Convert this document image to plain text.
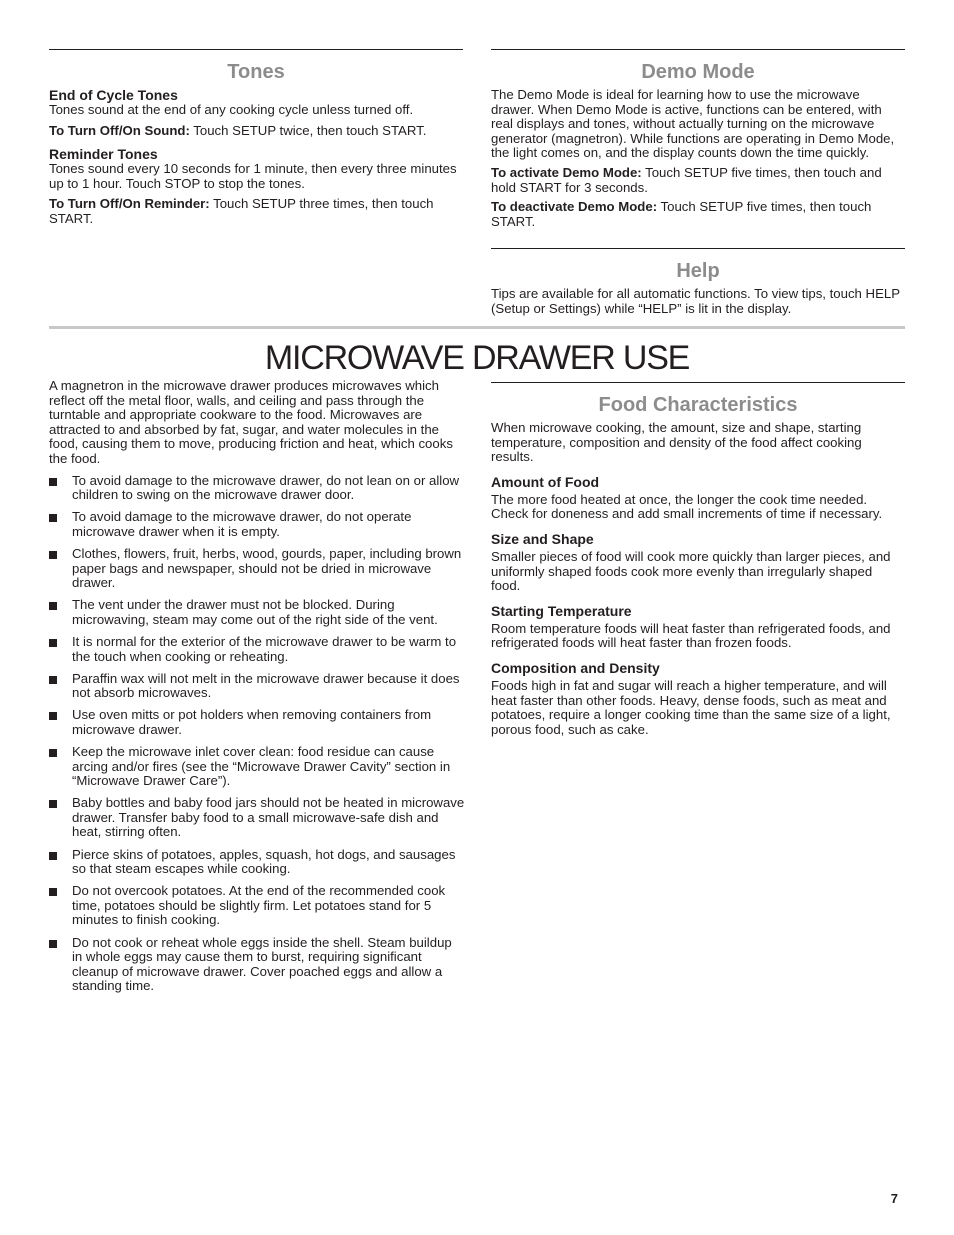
Tones
End of Cycle Tones

Tones sound at the end of any cooking cycle unless turned off.

To Turn Off/On Sound: Touch SETUP twice, then touch START.

Reminder Tones

Tones sound every 10 seconds for 1 minute, then every three minutes up to 1 hour. Touch STOP to stop the tones.

To Turn Off/On Reminder: Touch SETUP three times, then touch START.

Demo Mode

The Demo Mode is ideal for learning how to use the microwave drawer. When Demo Mode is active, functions can be entered, with real displays and tones, without actually turning on the microwave generator (magnetron). While functions are operating in Demo Mode, the light comes on, and the display counts down the time quickly.

To activate Demo Mode: Touch SETUP five times, then touch and hold START for 3 seconds.

To deactivate Demo Mode: Touch SETUP five times, then touch START.

Help

Tips are available for all automatic functions. To view tips, touch HELP (Setup or Settings) while “HELP” is lit in the display.

MICROWAVE DRAWER USE

A magnetron in the microwave drawer produces microwaves which reflect off the metal floor, walls, and ceiling and pass through the turntable and appropriate cookware to the food. Microwaves are attracted to and absorbed by fat, sugar, and water molecules in the food, causing them to move, producing friction and heat, which cooks the food.

To avoid damage to the microwave drawer, do not lean on or allow children to swing on the microwave drawer door.
To avoid damage to the microwave drawer, do not operate microwave drawer when it is empty.
Clothes, flowers, fruit, herbs, wood, gourds, paper, including brown paper bags and newspaper, should not be dried in microwave drawer.
The vent under the drawer must not be blocked. During microwaving, steam may come out of the right side of the vent.
It is normal for the exterior of the microwave drawer to be warm to the touch when cooking or reheating.
Paraffin wax will not melt in the microwave drawer because it does not absorb microwaves.
Use oven mitts or pot holders when removing containers from microwave drawer.
Keep the microwave inlet cover clean: food residue can cause arcing and/or fires (see the “Microwave Drawer Cavity” section in “Microwave Drawer Care”).
Baby bottles and baby food jars should not be heated in microwave drawer. Transfer baby food to a small microwave-safe dish and heat, stirring often.
Pierce skins of potatoes, apples, squash, hot dogs, and sausages so that steam escapes while cooking.
Do not overcook potatoes. At the end of the recommended cook time, potatoes should be slightly firm. Let potatoes stand for 5 minutes to finish cooking.
Do not cook or reheat whole eggs inside the shell. Steam buildup in whole eggs may cause them to burst, requiring significant cleanup of microwave drawer. Cover poached eggs and allow a standing time.
Food Characteristics

When microwave cooking, the amount, size and shape, starting temperature, composition and density of the food affect cooking results.

Amount of Food

The more food heated at once, the longer the cook time needed. Check for doneness and add small increments of time if necessary.

Size and Shape

Smaller pieces of food will cook more quickly than larger pieces, and uniformly shaped foods cook more evenly than irregularly shaped food.

Starting Temperature

Room temperature foods will heat faster than refrigerated foods, and refrigerated foods will heat faster than frozen foods.

Composition and Density

Foods high in fat and sugar will reach a higher temperature, and will heat faster than other foods. Heavy, dense foods, such as meat and potatoes, require a longer cooking time than the same size of a light, porous food, such as cake.

7
